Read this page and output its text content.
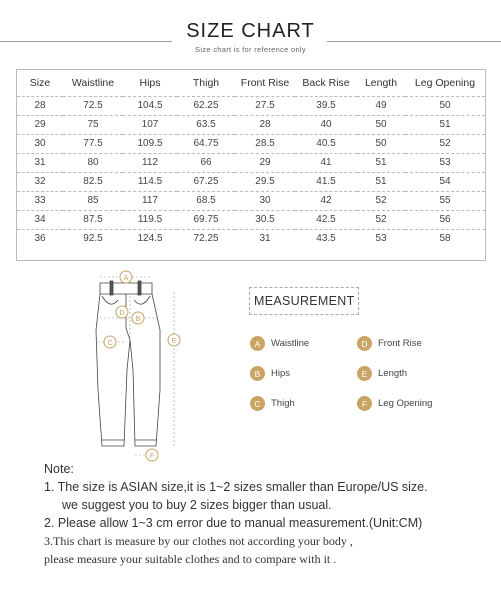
SIZE CHART
Size chart is for reference only
Size	Waistline	Hips	Thigh	Front Rise	Back Rise	Length	Leg Opening
28	72.5	104.5	62.25	27.5	39.5	49	50
29	75	107	63.5	28	40	50	51
30	77.5	109.5	64.75	28.5	40.5	50	52
31	80	112	66	29	41	51	53
32	82.5	114.5	67.25	29.5	41.5	51	54
33	85	117	68.5	30	42	52	55
34	87.5	119.5	69.75	30.5	42.5	52	56
36	92.5	124.5	72.25	31	43.5	53	58
A
B
C
D
E
F
MEASUREMENT
A	Waistline
B	Hips
C	Thigh
D	Front Rise
E	Length
F	Leg Opening
Note:
1. The size is ASIAN size,it is 1~2 sizes smaller than Europe/US size.
we suggest you to buy 2 sizes bigger than usual.
2. Please allow 1~3 cm error due to manual measurement.(Unit:CM)
3.This chart is measure by our clothes not according your body ,
please measure your suitable clothes and to compare with it .
